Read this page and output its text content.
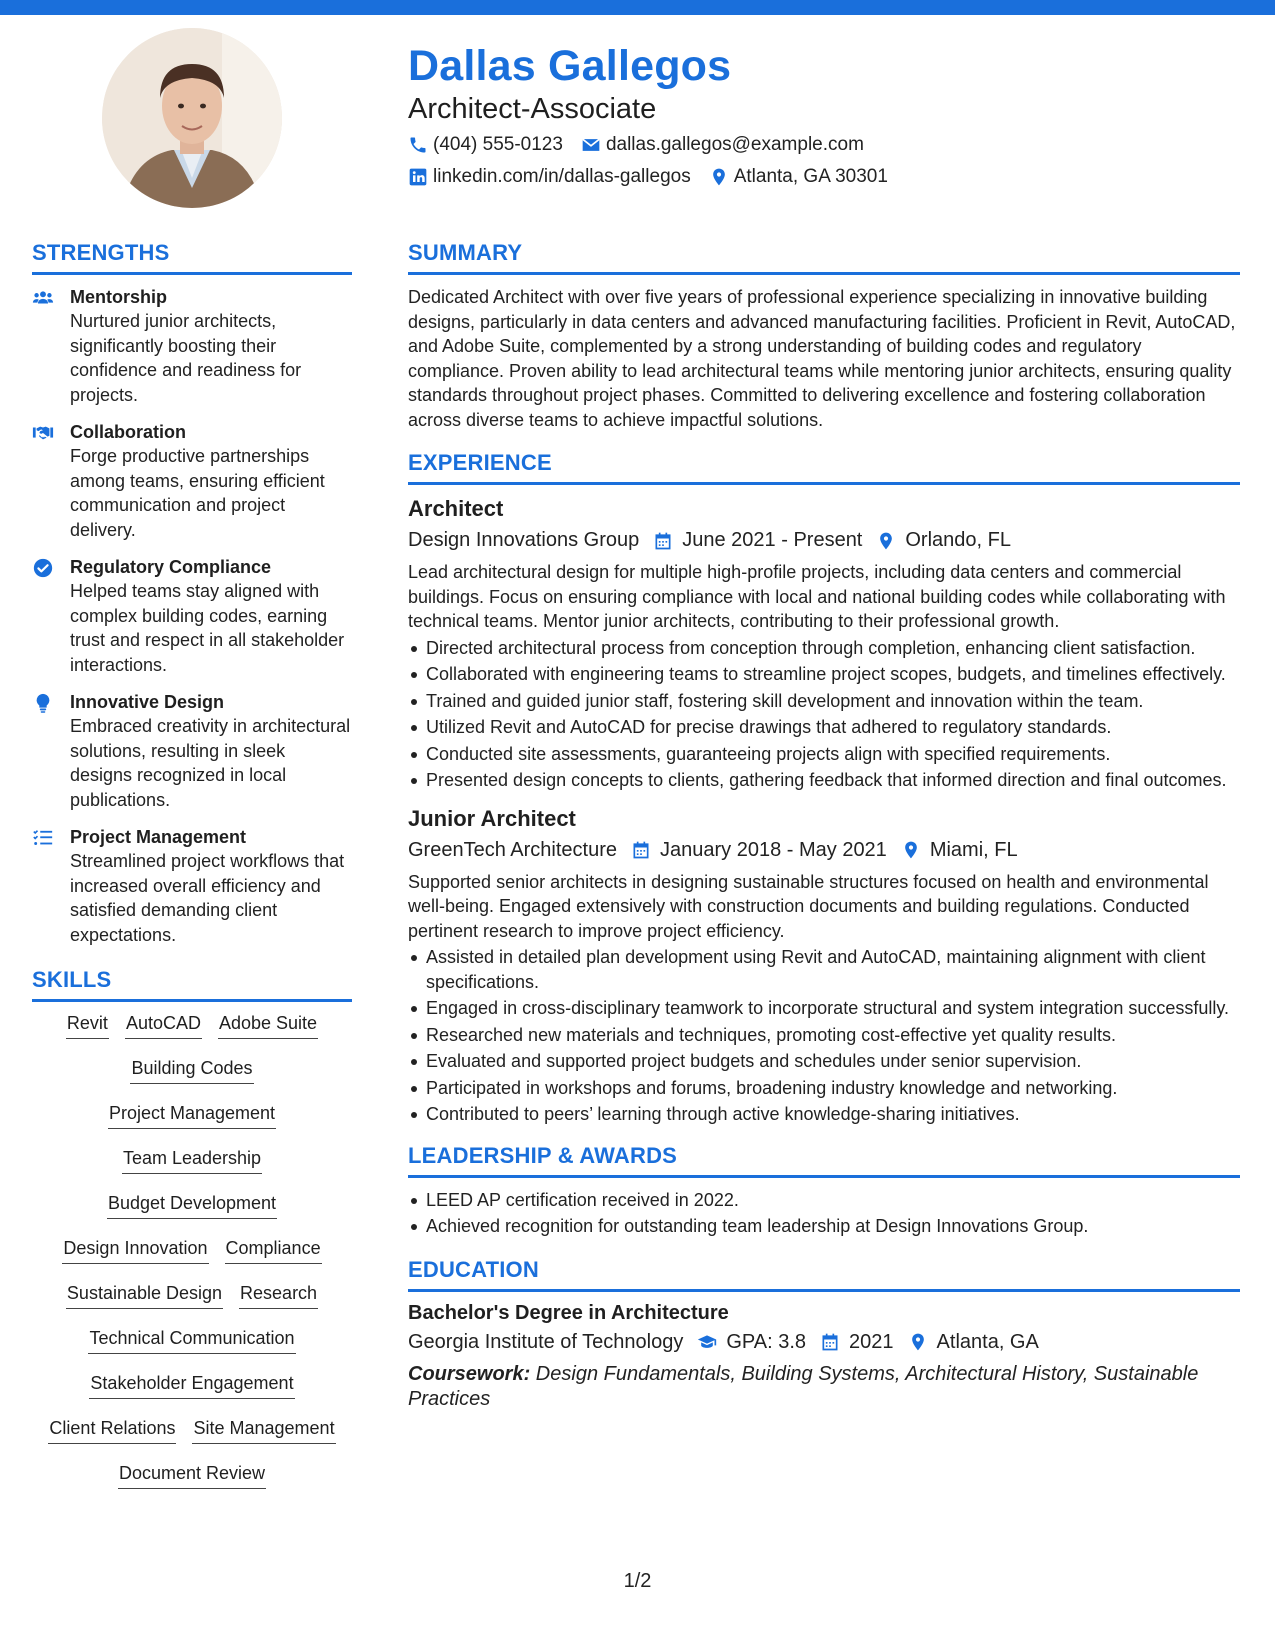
Dallas Gallegos
Architect-Associate
(404) 555-0123 dallas.gallegos@example.com
linkedin.com/in/dallas-gallegos Atlanta, GA 30301
STRENGTHS
Mentorship
Nurtured junior architects, significantly boosting their confidence and readiness for projects.
Collaboration
Forge productive partnerships among teams, ensuring efficient communication and project delivery.
Regulatory Compliance
Helped teams stay aligned with complex building codes, earning trust and respect in all stakeholder interactions.
Innovative Design
Embraced creativity in architectural solutions, resulting in sleek designs recognized in local publications.
Project Management
Streamlined project workflows that increased overall efficiency and satisfied demanding client expectations.
SKILLS
Revit AutoCAD Adobe Suite
Building Codes
Project Management
Team Leadership
Budget Development
Design Innovation Compliance
Sustainable Design Research
Technical Communication
Stakeholder Engagement
Client Relations Site Management
Document Review
SUMMARY

Dedicated Architect with over five years of professional experience specializing in innovative building designs, particularly in data centers and advanced manufacturing facilities. Proficient in Revit, AutoCAD, and Adobe Suite, complemented by a strong understanding of building codes and regulatory compliance. Proven ability to lead architectural teams while mentoring junior architects, ensuring quality standards throughout project phases. Committed to delivering excellence and fostering collaboration across diverse teams to achieve impactful solutions.

EXPERIENCE
Architect
Design Innovations Group June 2021 - Present Orlando, FL

Lead architectural design for multiple high-profile projects, including data centers and commercial buildings. Focus on ensuring compliance with local and national building codes while collaborating with technical teams. Mentor junior architects, contributing to their professional growth.

Directed architectural process from conception through completion, enhancing client satisfaction.
Collaborated with engineering teams to streamline project scopes, budgets, and timelines effectively.
Trained and guided junior staff, fostering skill development and innovation within the team.
Utilized Revit and AutoCAD for precise drawings that adhered to regulatory standards.
Conducted site assessments, guaranteeing projects align with specified requirements.
Presented design concepts to clients, gathering feedback that informed direction and final outcomes.
Junior Architect
GreenTech Architecture January 2018 - May 2021 Miami, FL

Supported senior architects in designing sustainable structures focused on health and environmental well-being. Engaged extensively with construction documents and building regulations. Conducted pertinent research to improve project efficiency.

Assisted in detailed plan development using Revit and AutoCAD, maintaining alignment with client specifications.
Engaged in cross-disciplinary teamwork to incorporate structural and system integration successfully.
Researched new materials and techniques, promoting cost-effective yet quality results.
Evaluated and supported project budgets and schedules under senior supervision.
Participated in workshops and forums, broadening industry knowledge and networking.
Contributed to peers’ learning through active knowledge-sharing initiatives.
LEADERSHIP & AWARDS
LEED AP certification received in 2022.
Achieved recognition for outstanding team leadership at Design Innovations Group.
EDUCATION
Bachelor's Degree in Architecture
Georgia Institute of Technology GPA: 3.8 2021 Atlanta, GA
Coursework: Design Fundamentals, Building Systems, Architectural History, Sustainable Practices
1/2
